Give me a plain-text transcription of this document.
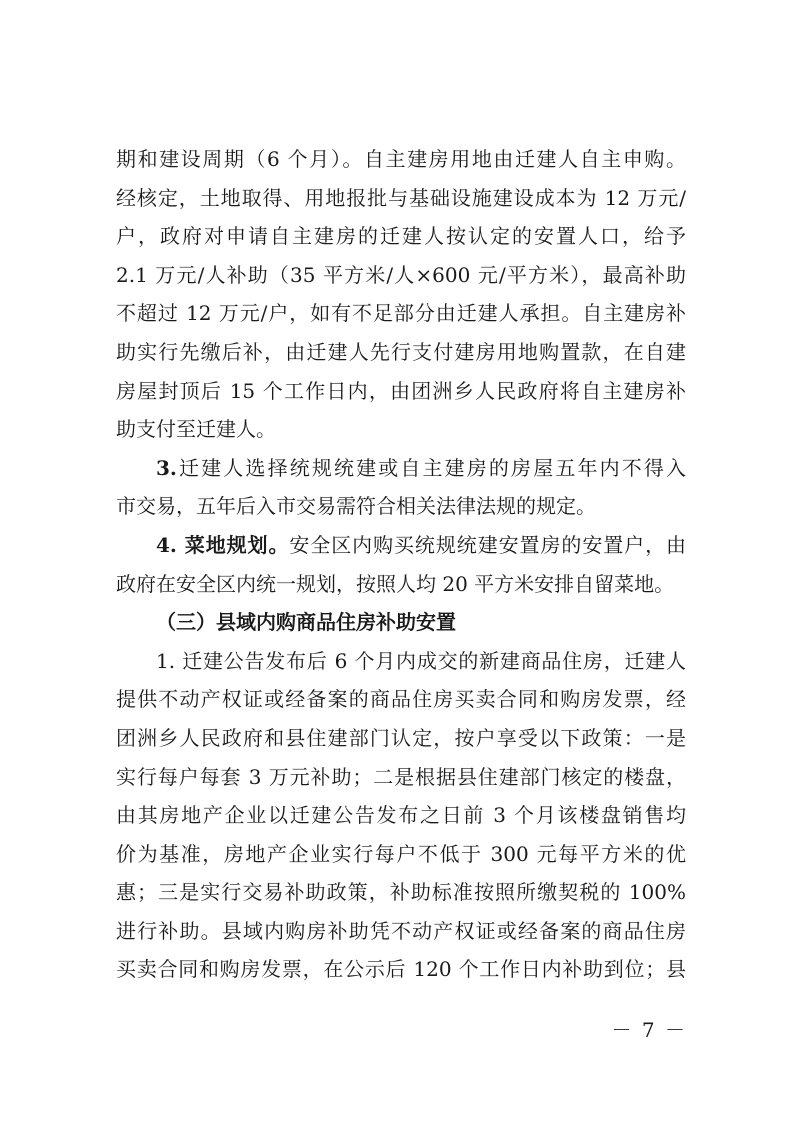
期和建设周期（6 个月）。自主建房用地由迁建人自主申购。
经核定，土地取得、用地报批与基础设施建设成本为 12 万元/
户，政府对申请自主建房的迁建人按认定的安置人口，给予
2.1 万元/人补助（35 平方米/人×600 元/平方米），最高补助
不超过 12 万元/户，如有不足部分由迁建人承担。自主建房补
助实行先缴后补，由迁建人先行支付建房用地购置款，在自建
房屋封顶后 15 个工作日内，由团洲乡人民政府将自主建房补
助支付至迁建人。
3.迁建人选择统规统建或自主建房的房屋五年内不得入
市交易，五年后入市交易需符合相关法律法规的规定。
4. 菜地规划。安全区内购买统规统建安置房的安置户，由
政府在安全区内统一规划，按照人均 20 平方米安排自留菜地。
（三）县域内购商品住房补助安置
1. 迁建公告发布后 6 个月内成交的新建商品住房，迁建人
提供不动产权证或经备案的商品住房买卖合同和购房发票，经
团洲乡人民政府和县住建部门认定，按户享受以下政策：一是
实行每户每套 3 万元补助；二是根据县住建部门核定的楼盘，
由其房地产企业以迁建公告发布之日前 3 个月该楼盘销售均
价为基准，房地产企业实行每户不低于 300 元每平方米的优
惠；三是实行交易补助政策，补助标准按照所缴契税的 100%
进行补助。县域内购房补助凭不动产权证或经备案的商品住房
买卖合同和购房发票，在公示后 120 个工作日内补助到位；县
－ 7 －
